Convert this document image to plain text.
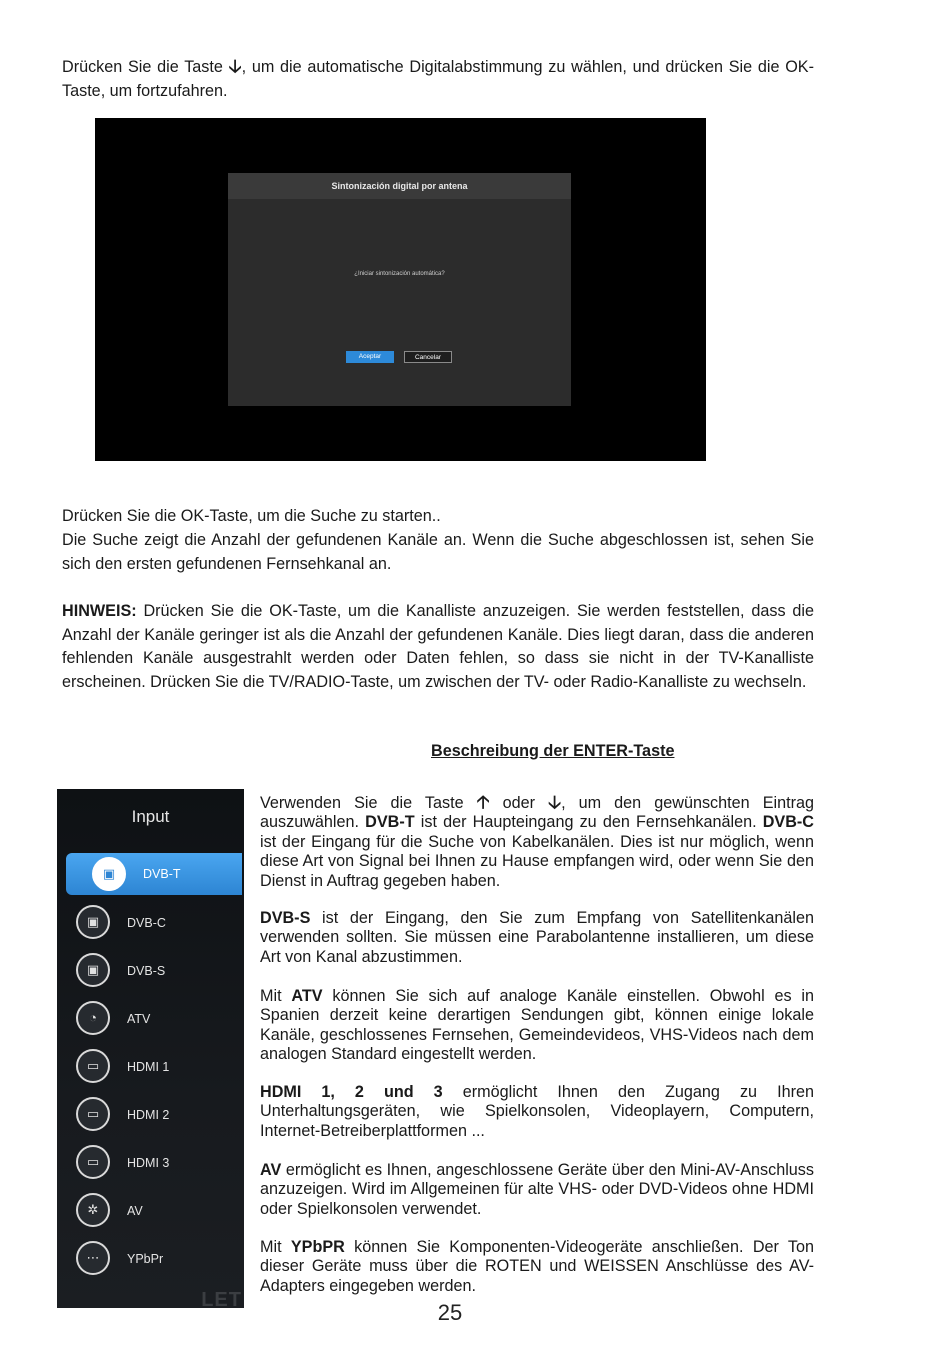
Drücken Sie die Taste 🡣, um die automatische Digitalabstimmung zu wählen, und drücken Sie die OK-Taste, um fortzufahren.

Sintonización digital por antena
¿Iniciar sintonización automática?
Aceptar	Cancelar

Drücken Sie die OK-Taste, um die Suche zu starten..

Die Suche zeigt die Anzahl der gefundenen Kanäle an. Wenn die Suche abgeschlossen ist, sehen Sie sich den ersten gefundenen Fernsehkanal an.

HINWEIS: Drücken Sie die OK-Taste, um die Kanalliste anzuzeigen. Sie werden feststellen, dass die Anzahl der Kanäle geringer ist als die Anzahl der gefundenen Kanäle. Dies liegt daran, dass die anderen fehlenden Kanäle ausgestrahlt werden oder Daten fehlen, so dass sie nicht in der TV-Kanalliste erscheinen. Drücken Sie die TV/RADIO-Taste, um zwischen der TV- oder Radio-Kanalliste zu wechseln.

Beschreibung der ENTER-Taste
Input
▣	DVB-T
▣	DVB-C
▣	DVB-S
◔	ATV
▭	HDMI 1
▭	HDMI 2
▭	HDMI 3
✲	AV
⋯	YPbPr
LET

Verwenden Sie die Taste 🡡 oder 🡣, um den gewünschten Eintrag auszuwählen. DVB-T ist der Haupteingang zu den Fernsehkanälen. DVB-C ist der Eingang für die Suche von Kabelkanälen. Dies ist nur möglich, wenn diese Art von Signal bei Ihnen zu Hause empfangen wird, oder wenn Sie den Dienst in Auftrag gegeben haben.

DVB-S ist der Eingang, den Sie zum Empfang von Satellitenkanälen verwenden sollten. Sie müssen eine Parabolantenne installieren, um diese Art von Kanal abzustimmen.

Mit ATV können Sie sich auf analoge Kanäle einstellen. Obwohl es in Spanien derzeit keine derartigen Sendungen gibt, können einige lokale Kanäle, geschlossenes Fernsehen, Gemeindevideos, VHS-Videos nach dem analogen Standard eingestellt werden.

HDMI 1, 2 und 3 ermöglicht Ihnen den Zugang zu Ihren Unterhaltungsgeräten, wie Spielkonsolen, Videoplayern, Computern, Internet-Betreiberplattformen ...

AV ermöglicht es Ihnen, angeschlossene Geräte über den Mini-AV-Anschluss anzuzeigen. Wird im Allgemeinen für alte VHS- oder DVD-Videos ohne HDMI oder Spielkonsolen verwendet.

Mit YPbPR können Sie Komponenten-Videogeräte anschließen. Der Ton dieser Geräte muss über die ROTEN und WEISSEN Anschlüsse des AV-Adapters eingegeben werden.

25
